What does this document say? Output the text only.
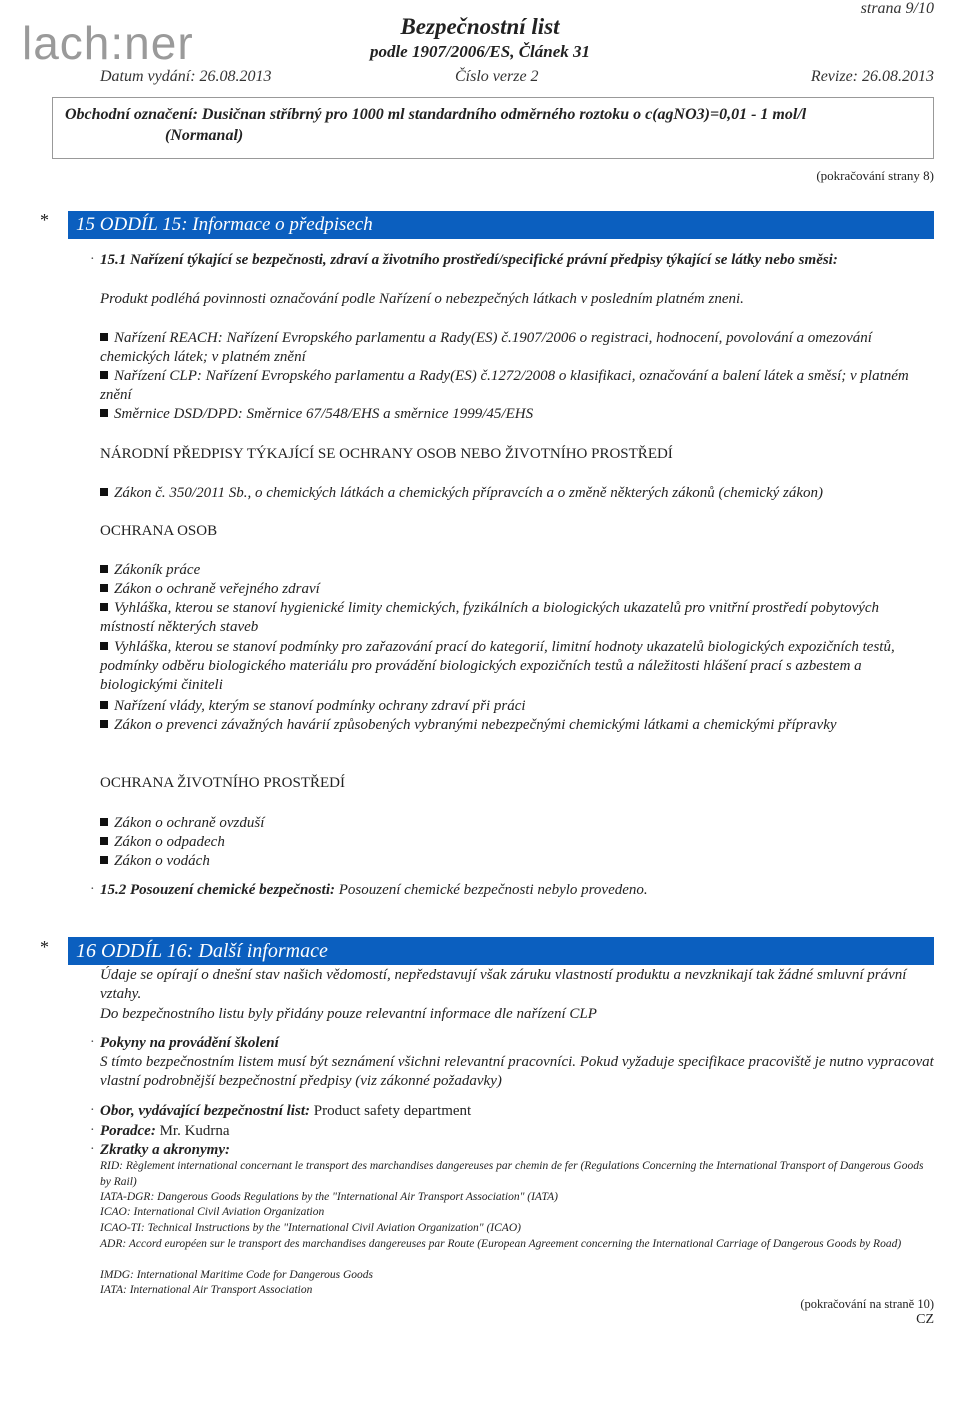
lach:ner
strana 9/10
Bezpečnostní list
podle 1907/2006/ES, Článek 31
Datum vydání: 26.08.2013	Číslo verze 2	Revize: 26.08.2013
Obchodní označení: Dusičnan stříbrný pro 1000 ml standardního odměrného roztoku o c(agNO3)=0,01 - 1 mol/l
(Normanal)
(pokračování strany 8)
*	15 ODDÍL 15: Informace o předpisech
· 15.1 Nařízení týkající se bezpečnosti, zdraví a životního prostředí/specifické právní předpisy týkající se látky nebo směsi:
Produkt podléhá povinnosti označování podle Nařízení o nebezpečných látkach v posledním platném zneni.
Nařízení REACH: Nařízení Evropského parlamentu a Rady(ES) č.1907/2006 o registraci, hodnocení, povolování a omezování chemických látek; v platném znění
Nařízení CLP: Nařízení Evropského parlamentu a Rady(ES) č.1272/2008 o klasifikaci, označování a balení látek a směsí; v platném znění
Směrnice DSD/DPD: Směrnice 67/548/EHS a směrnice 1999/45/EHS
NÁRODNÍ PŘEDPISY TÝKAJÍCÍ SE OCHRANY OSOB NEBO ŽIVOTNÍHO PROSTŘEDÍ
Zákon č. 350/2011 Sb., o chemických látkách a chemických přípravcích a o změně některých zákonů (chemický zákon)
OCHRANA OSOB
Zákoník práce
Zákon o ochraně veřejného zdraví
Vyhláška, kterou se stanoví hygienické limity chemických, fyzikálních a biologických ukazatelů pro vnitřní prostředí pobytových místností některých staveb
Vyhláška, kterou se stanoví podmínky pro zařazování prací do kategorií, limitní hodnoty ukazatelů biologických expozičních testů, podmínky odběru biologického materiálu pro provádění biologických expozičních testů a náležitosti hlášení prací s azbestem a biologickými činiteli
Nařízení vlády, kterým se stanoví podmínky ochrany zdraví při práci
Zákon o prevenci závažných havárií způsobených vybranými nebezpečnými chemickými látkami a chemickými přípravky
OCHRANA ŽIVOTNÍHO PROSTŘEDÍ
Zákon o ochraně ovzduší
Zákon o odpadech
Zákon o vodách
· 15.2 Posouzení chemické bezpečnosti: Posouzení chemické bezpečnosti nebylo provedeno.
*	16 ODDÍL 16: Další informace
Údaje se opírají o dnešní stav našich vědomostí, nepředstavují však záruku vlastností produktu a nevzknikají tak žádné smluvní právní vztahy.
Do bezpečnostního listu byly přidány pouze relevantní informace dle nařízení CLP
· Pokyny na provádění školení
S tímto bezpečnostním listem musí být seznámení všichni relevantní pracovníci. Pokud vyžaduje specifikace pracoviště je nutno vypracovat vlastní podrobnější bezpečnostní předpisy (viz zákonné požadavky)
· Obor, vydávající bezpečnostní list: Product safety department
· Poradce: Mr. Kudrna
· Zkratky a akronymy:
RID: Règlement international concernant le transport des marchandises dangereuses par chemin de fer (Regulations Concerning the International Transport of Dangerous Goods by Rail)
IATA-DGR: Dangerous Goods Regulations by the "International Air Transport Association" (IATA)
ICAO: International Civil Aviation Organization
ICAO-TI: Technical Instructions by the "International Civil Aviation Organization" (ICAO)
ADR: Accord européen sur le transport des marchandises dangereuses par Route (European Agreement concerning the International Carriage of Dangerous Goods by Road)
IMDG: International Maritime Code for Dangerous Goods
IATA: International Air Transport Association
(pokračování na straně 10)
CZ
